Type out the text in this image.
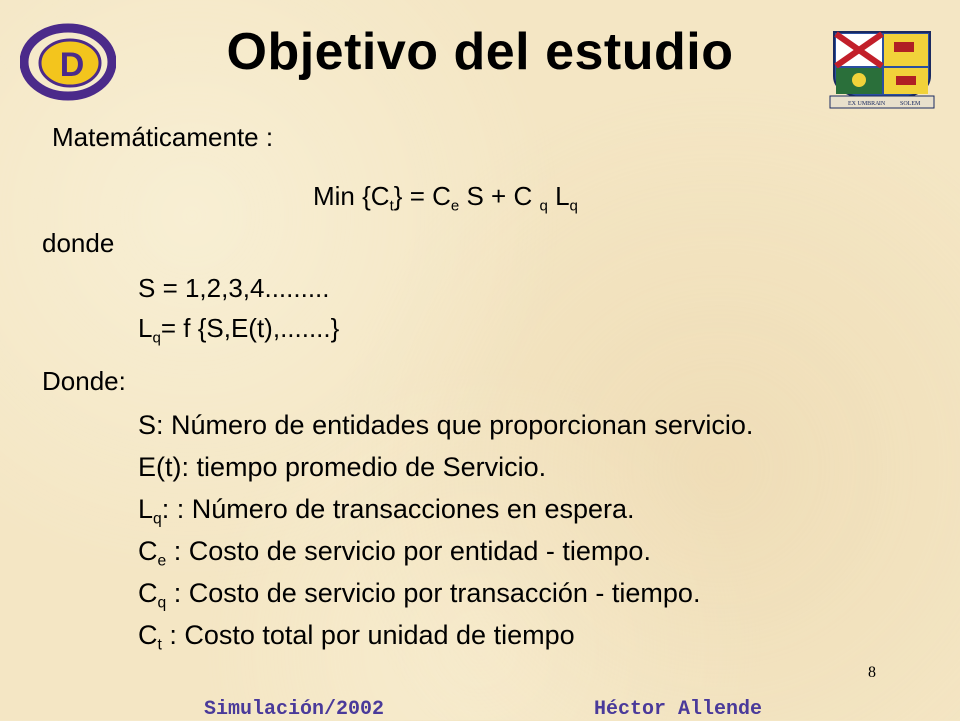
D	Objetivo del estudio
EX UMBRA IN SOLEM
Matemáticamente :
Min $\{C_t\} = C_e$ S + C $_q$ $L_q$
donde
S = 1,2,3,4.........
$L_q= f$ {S,E(t),.......}
Donde:
S: Número de entidades que proporcionan servicio.
E(t): tiempo promedio de Servicio.
$L_q$: : Número de transacciones en espera.
$C_e$ : Costo de servicio por entidad - tiempo.
$C_q$ : Costo de servicio por transacción - tiempo.
$C_t$ : Costo total por unidad de tiempo
8
Simulación/2002	Héctor Allende
